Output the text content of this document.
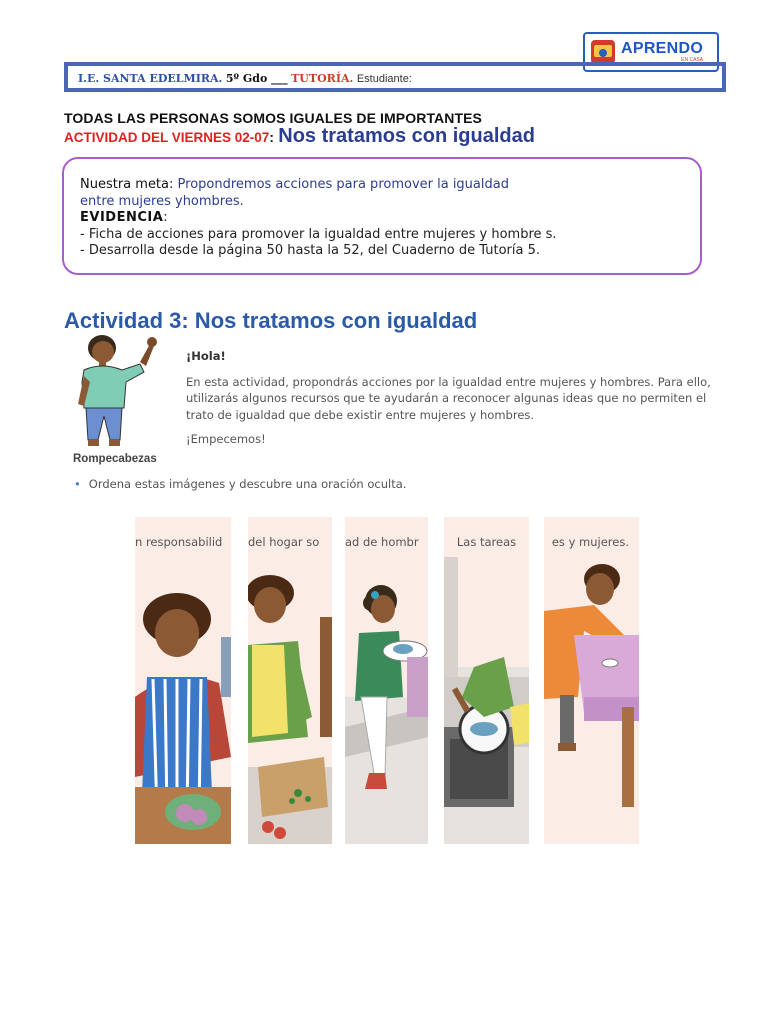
APRENDO
EN CASA
I.E. SANTA EDELMIRA. 5º Gdo ___ TUTORÍA. Estudiante:
TODAS LAS PERSONAS SOMOS IGUALES DE IMPORTANTES
ACTIVIDAD DEL VIERNES 02-07: Nos tratamos con igualdad
Nuestra meta: Propondremos acciones para promover la igualdad
entre mujeres yhombres.
EVIDENCIA:
- Ficha de acciones para promover la igualdad entre mujeres y hombre s.
- Desarrolla desde la página 50 hasta la 52, del Cuaderno de Tutoría 5.
Actividad 3: Nos tratamos con igualdad

¡Hola!

En esta actividad, propondrás acciones por la igualdad entre mujeres y hombres. Para ello, utilizarás algunos recursos que te ayudarán a reconocer algunas ideas que no permiten el trato de igualdad que debe existir entre mujeres y hombres.

¡Empecemos!

Rompecabezas
• Ordena estas imágenes y descubre una oración oculta.
n responsabilid	del hogar so	ad de hombr	Las tareas	es y mujeres.
